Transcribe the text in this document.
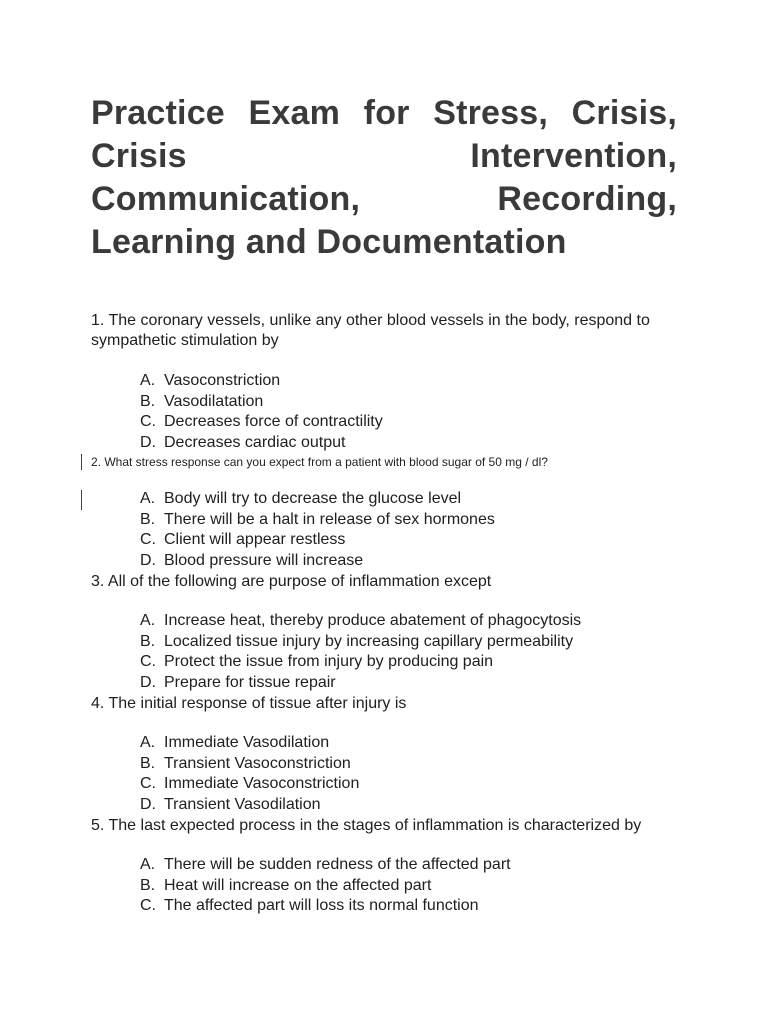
Practice Exam for Stress, Crisis, Crisis Intervention, Communication, Recording, Learning and Documentation

1. The coronary vessels, unlike any other blood vessels in the body, respond to sympathetic stimulation by

A. Vasoconstriction
B. Vasodilatation
C. Decreases force of contractility
D. Decreases cardiac output

2. What stress response can you expect from a patient with blood sugar of 50 mg / dl?

A. Body will try to decrease the glucose level
B. There will be a halt in release of sex hormones
C. Client will appear restless
D. Blood pressure will increase

3. All of the following are purpose of inflammation except

A. Increase heat, thereby produce abatement of phagocytosis
B. Localized tissue injury by increasing capillary permeability
C. Protect the issue from injury by producing pain
D. Prepare for tissue repair

4. The initial response of tissue after injury is

A. Immediate Vasodilation
B. Transient Vasoconstriction
C. Immediate Vasoconstriction
D. Transient Vasodilation

5. The last expected process in the stages of inflammation is characterized by

A. There will be sudden redness of the affected part
B. Heat will increase on the affected part
C. The affected part will loss its normal function
